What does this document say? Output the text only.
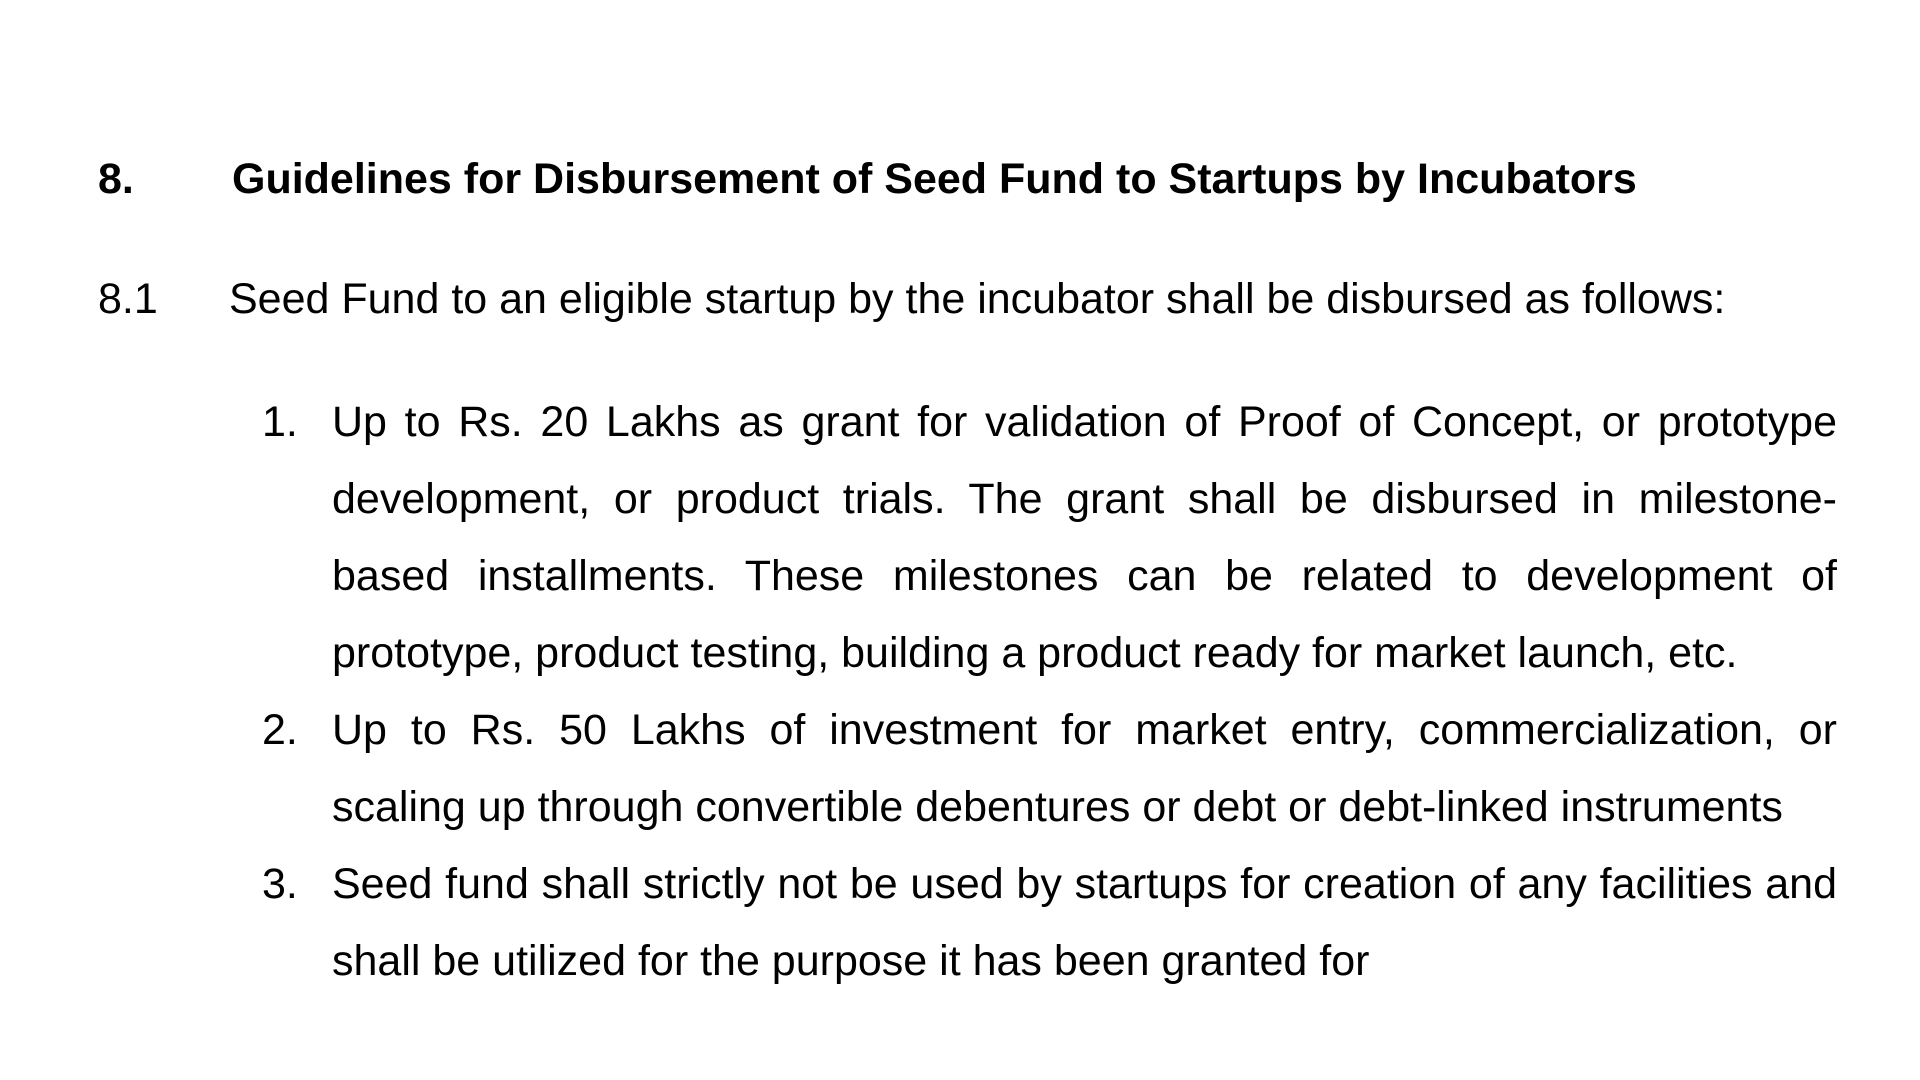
8. Guidelines for Disbursement of Seed Fund to Startups by Incubators
8.1 Seed Fund to an eligible startup by the incubator shall be disbursed as follows:
1. Up to Rs. 20 Lakhs as grant for validation of Proof of Concept, or prototype development, or product trials. The grant shall be disbursed in milestone-based installments. These milestones can be related to development of prototype, product testing, building a product ready for market launch, etc.
2. Up to Rs. 50 Lakhs of investment for market entry, commercialization, or scaling up through convertible debentures or debt or debt-linked instruments
3. Seed fund shall strictly not be used by startups for creation of any facilities and shall be utilized for the purpose it has been granted for
